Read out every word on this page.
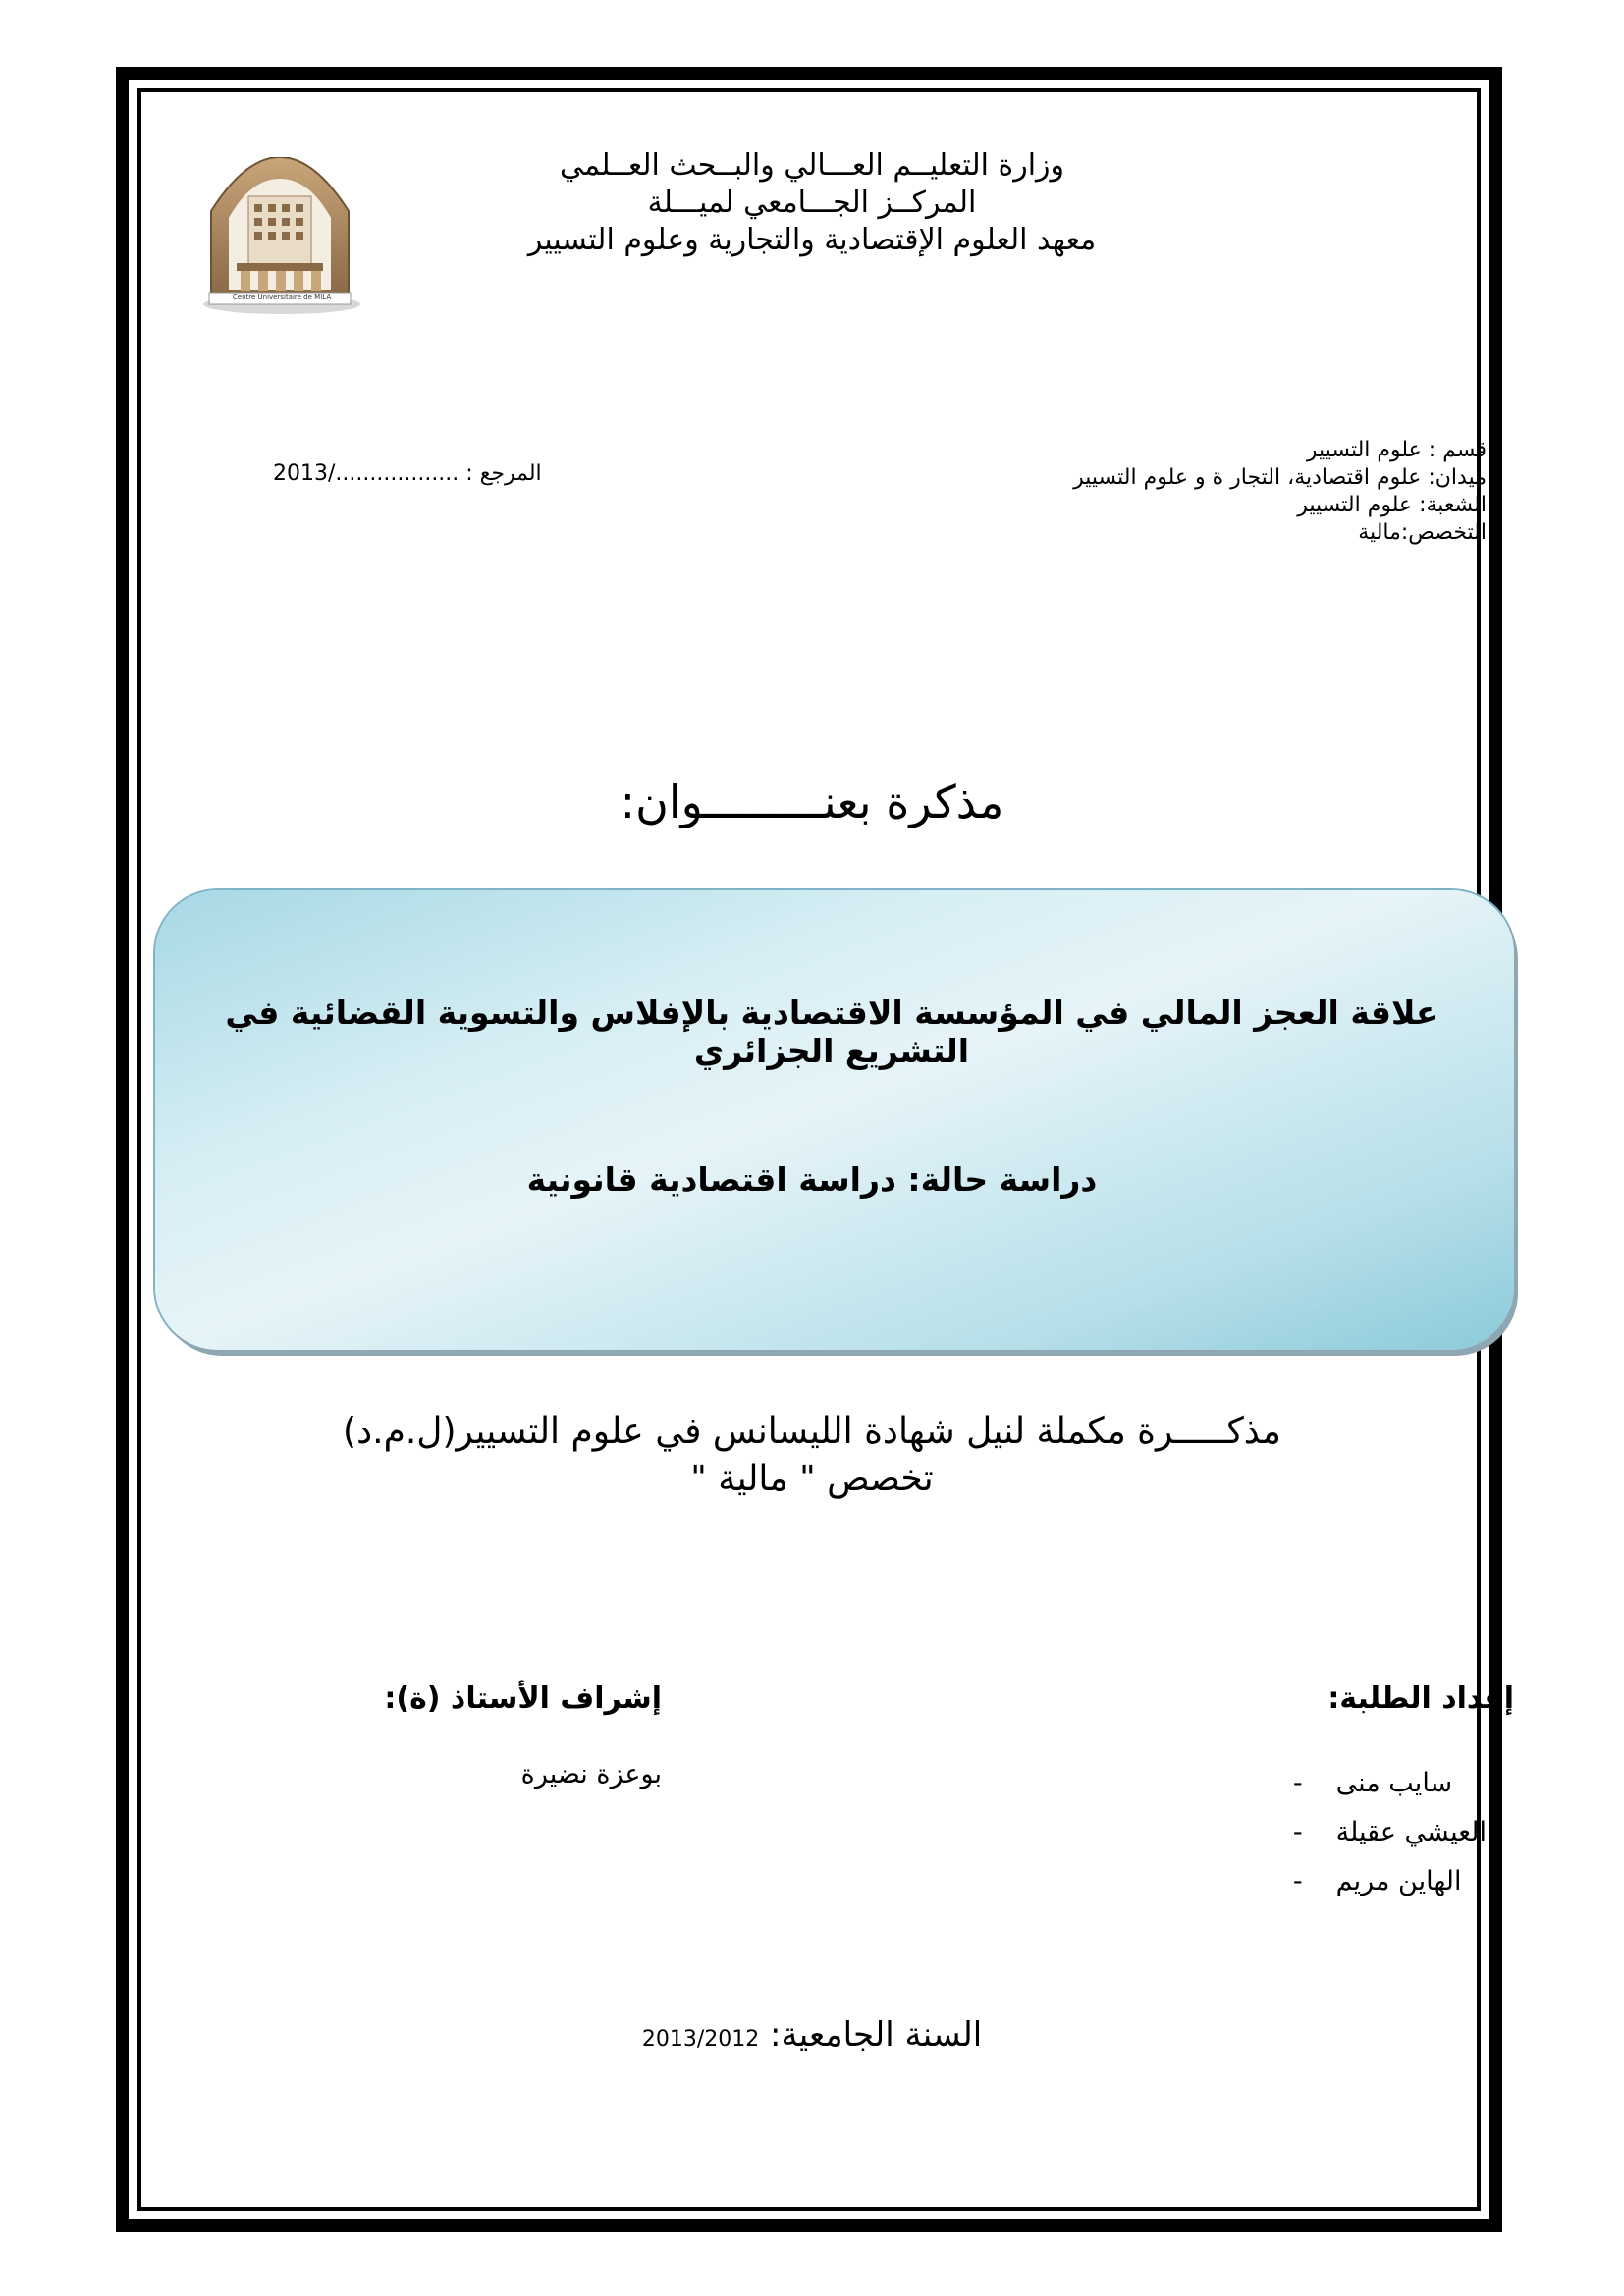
وزارة التعليــم العـــالي والبــحث العــلمي
المركــز الجـــامعي لميـــلة
معهد العلوم الإقتصادية والتجارية وعلوم التسيير
Centre Universitaire de MILA
قسم : علوم التسيير
ميدان: علوم اقتصادية، التجار ة و علوم التسيير
الشعبة: علوم التسيير
التخصص:مالية
المرجع : ................../2013
مذكرة بعنـــــــــوان:
علاقة العجز المالي في المؤسسة الاقتصادية بالإفلاس والتسوية القضائية في التشريع الجزائري
دراسة حالة: دراسة اقتصادية قانونية
مذكـــــرة مكملة لنيل شهادة الليسانس في علوم التسيير(ل.م.د)
تخصص " مالية "
إعداد الطلبة:
إشراف الأستاذ (ة):
- سايب منى
- العيشي عقيلة
- الهاين مريم
بوعزة نضيرة
السنة الجامعية: 2013/2012
